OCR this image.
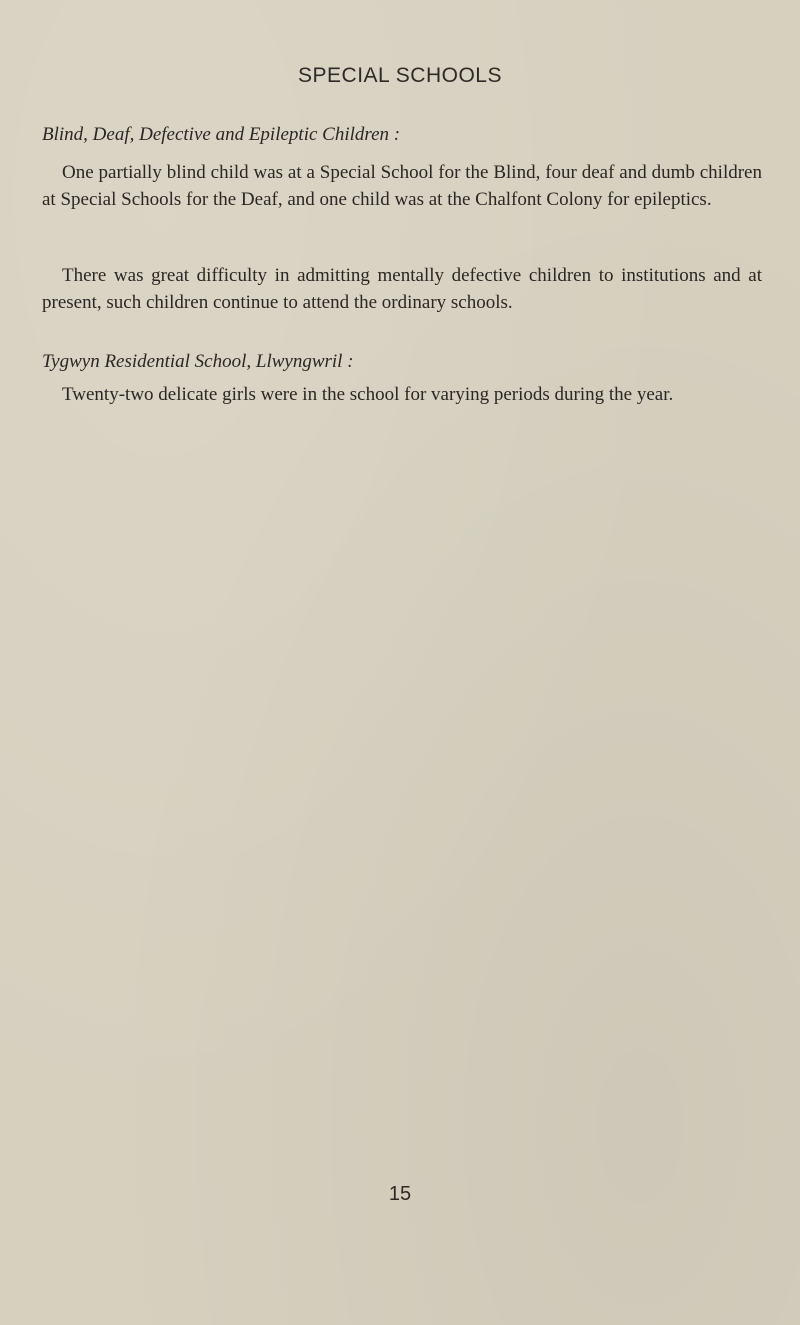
SPECIAL SCHOOLS

Blind, Deaf, Defective and Epileptic Children :

One partially blind child was at a Special School for the Blind, four deaf and dumb children at Special Schools for the Deaf, and one child was at the Chalfont Colony for epileptics.

There was great difficulty in admitting mentally defective children to institutions and at present, such children continue to attend the ordinary schools.

Tygwyn Residential School, Llwyngwril :

Twenty-two delicate girls were in the school for varying periods during the year.

15
